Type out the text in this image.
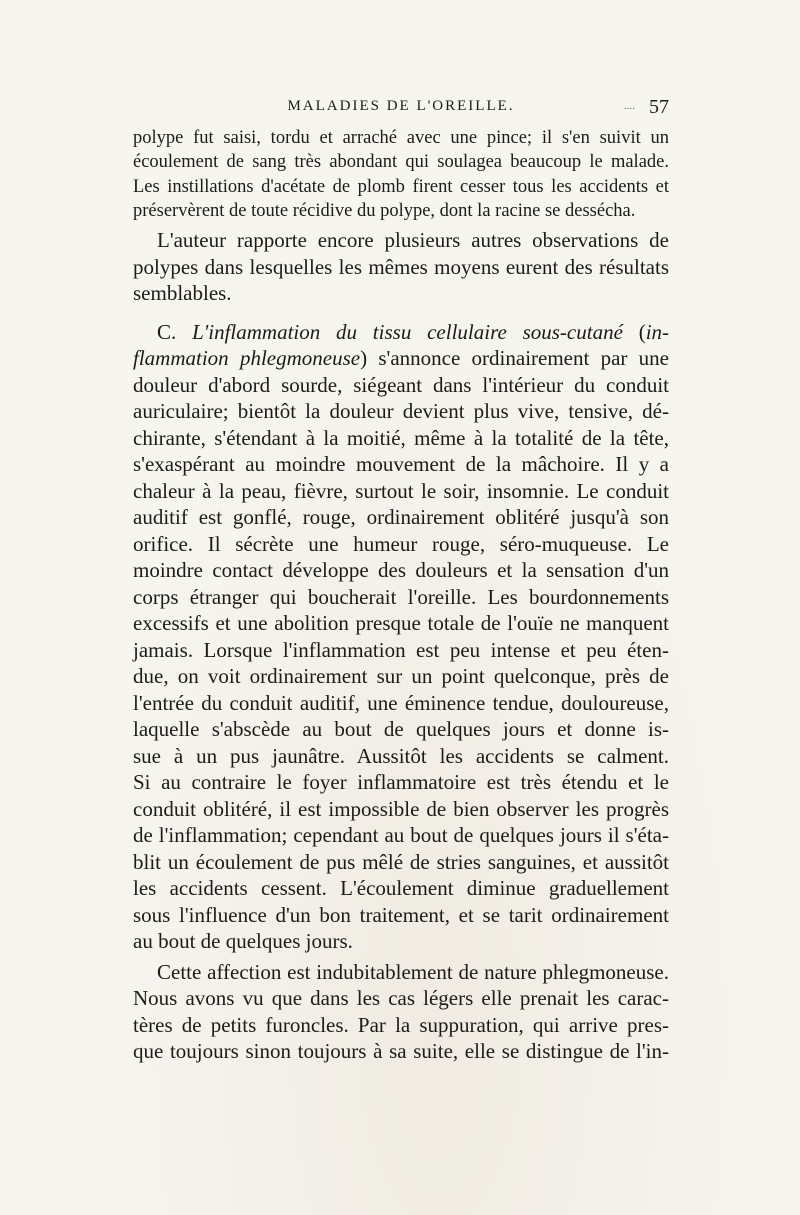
MALADIES DE L'OREILLE.	.... 57

polype fut saisi, tordu et arraché avec une pince; il s'en suivit un
écoulement de sang très abondant qui soulagea beaucoup le malade.
Les instillations d'acétate de plomb firent cesser tous les accidents et
préservèrent de toute récidive du polype, dont la racine se dessécha.

L'auteur rapporte encore plusieurs autres observations de
polypes dans lesquelles les mêmes moyens eurent des résultats
semblables.

C. L'inflammation du tissu cellulaire sous-cutané (in-
flammation phlegmoneuse) s'annonce ordinairement par une
douleur d'abord sourde, siégeant dans l'intérieur du conduit
auriculaire; bientôt la douleur devient plus vive, tensive, dé-
chirante, s'étendant à la moitié, même à la totalité de la tête,
s'exaspérant au moindre mouvement de la mâchoire. Il y a
chaleur à la peau, fièvre, surtout le soir, insomnie. Le conduit
auditif est gonflé, rouge, ordinairement oblitéré jusqu'à son
orifice. Il sécrète une humeur rouge, séro-muqueuse. Le
moindre contact développe des douleurs et la sensation d'un
corps étranger qui boucherait l'oreille. Les bourdonnements
excessifs et une abolition presque totale de l'ouïe ne manquent
jamais. Lorsque l'inflammation est peu intense et peu éten-
due, on voit ordinairement sur un point quelconque, près de
l'entrée du conduit auditif, une éminence tendue, douloureuse,
laquelle s'abscède au bout de quelques jours et donne is-
sue à un pus jaunâtre. Aussitôt les accidents se calment.
Si au contraire le foyer inflammatoire est très étendu et le
conduit oblitéré, il est impossible de bien observer les progrès
de l'inflammation; cependant au bout de quelques jours il s'éta-
blit un écoulement de pus mêlé de stries sanguines, et aussitôt
les accidents cessent. L'écoulement diminue graduellement
sous l'influence d'un bon traitement, et se tarit ordinairement
au bout de quelques jours.

Cette affection est indubitablement de nature phlegmoneuse.
Nous avons vu que dans les cas légers elle prenait les carac-
tères de petits furoncles. Par la suppuration, qui arrive pres-
que toujours sinon toujours à sa suite, elle se distingue de l'in-
